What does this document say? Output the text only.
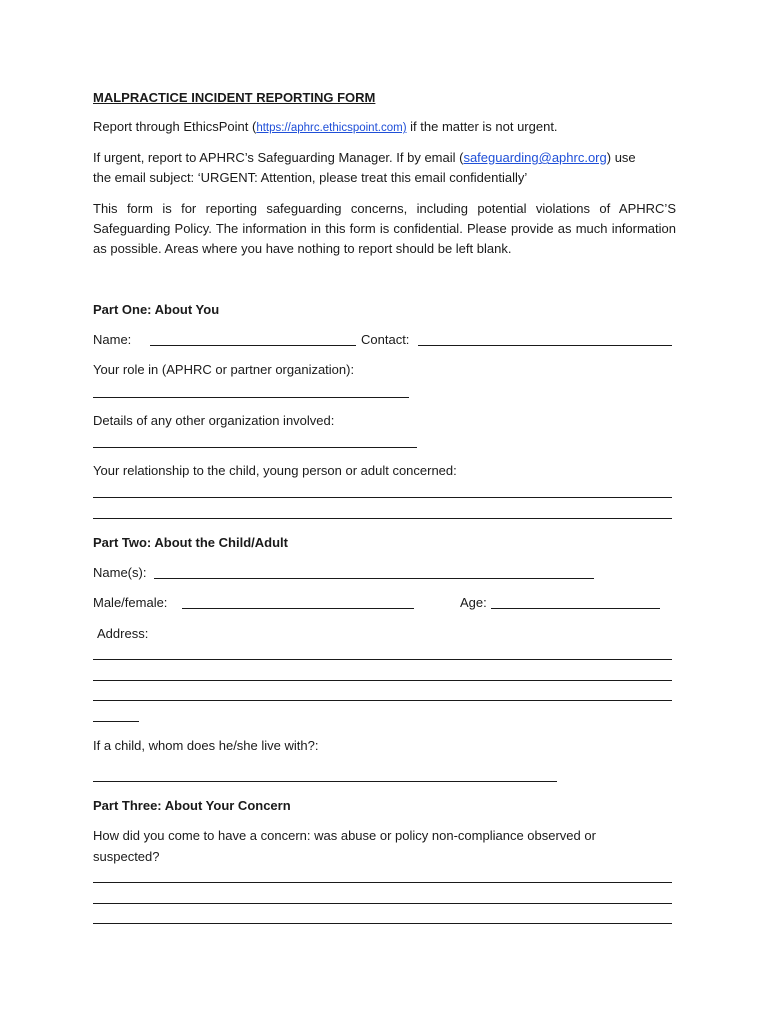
MALPRACTICE INCIDENT REPORTING FORM
Report through EthicsPoint (https://aphrc.ethicspoint.com) if the matter is not urgent.
If urgent, report to APHRC’s Safeguarding Manager. If by email (safeguarding@aphrc.org) use
the email subject: ‘URGENT: Attention, please treat this email confidentially’
This form is for reporting safeguarding concerns, including potential violations of APHRC’S Safeguarding Policy. The information in this form is confidential. Please provide as much information as possible. Areas where you have nothing to report should be left blank.
Part One: About You
Name:	Contact:
Your role in (APHRC or partner organization):
Details of any other organization involved:
Your relationship to the child, young person or adult concerned:
Part Two: About the Child/Adult
Name(s):
Male/female:	Age:
Address:
If a child, whom does he/she live with?:
Part Three: About Your Concern
How did you come to have a concern: was abuse or policy non-compliance observed or
suspected?
